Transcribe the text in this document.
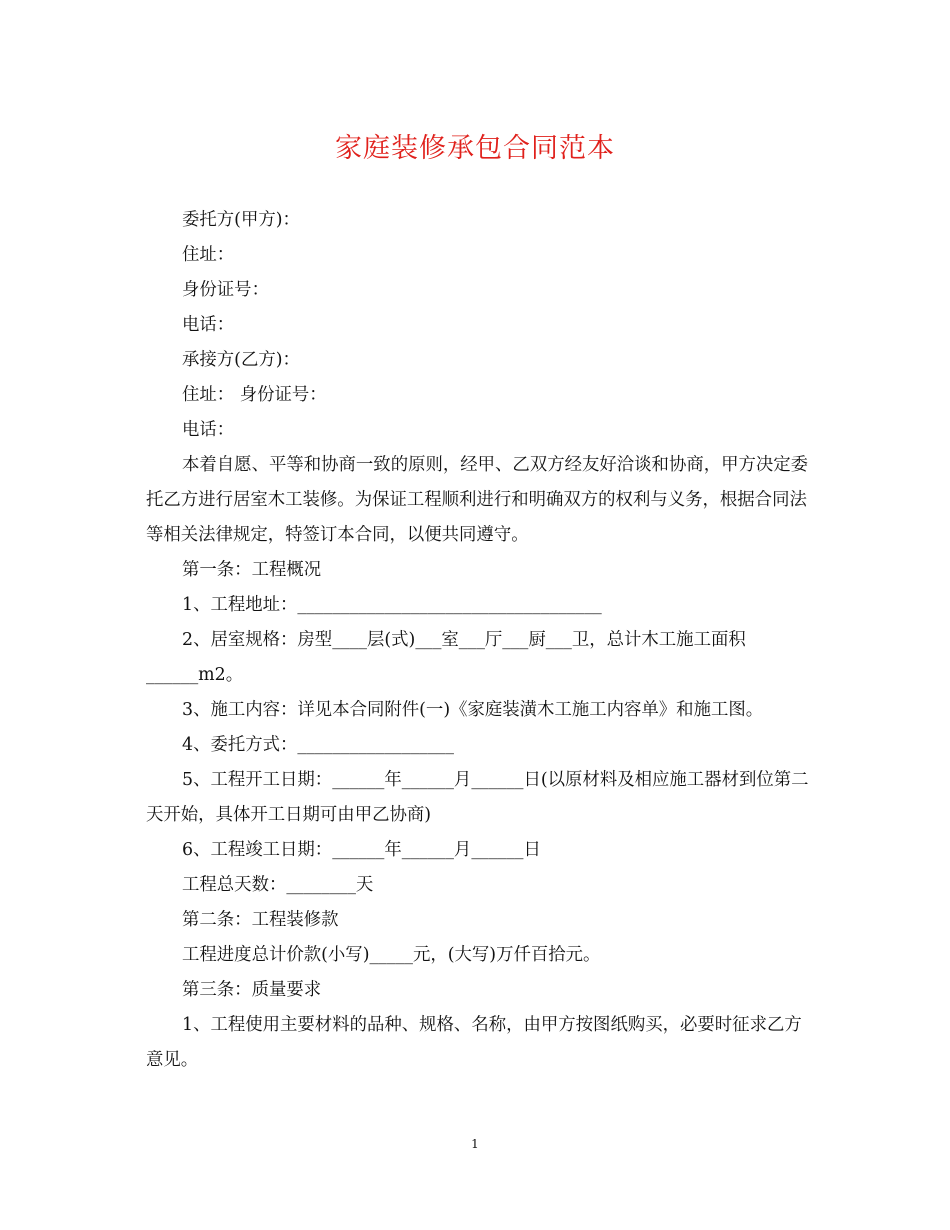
家庭装修承包合同范本

委托方(甲方)：

住址：

身份证号：

电话：

承接方(乙方)：

住址： 身份证号：

电话：

本着自愿、平等和协商一致的原则，经甲、乙双方经友好洽谈和协商，甲方决定委托乙方进行居室木工装修。为保证工程顺利进行和明确双方的权利与义务，根据合同法等相关法律规定，特签订本合同，以便共同遵守。

第一条：工程概况

1、工程地址：___________________________________

2、居室规格：房型____层(式)___室___厅___厨___卫，总计木工施工面积______m2。

3、施工内容：详见本合同附件(一)《家庭装潢木工施工内容单》和施工图。

4、委托方式：__________________

5、工程开工日期：______年______月______日(以原材料及相应施工器材到位第二天开始，具体开工日期可由甲乙协商)

6、工程竣工日期：______年______月______日

工程总天数：________天

第二条：工程装修款

工程进度总计价款(小写)_____元，(大写)万仟百拾元。

第三条：质量要求

1、工程使用主要材料的品种、规格、名称，由甲方按图纸购买，必要时征求乙方意见。

1
